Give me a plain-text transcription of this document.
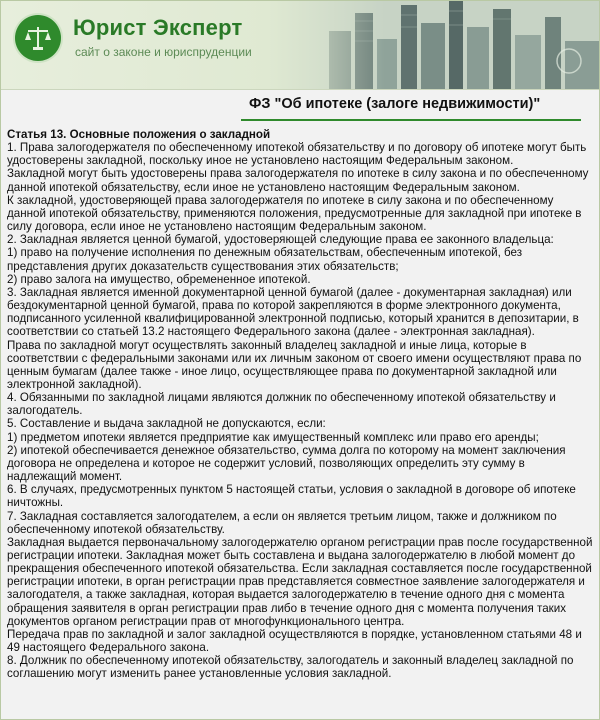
Юрист Эксперт
сайт о законе и юриспруденции
ФЗ "Об ипотеке (залоге недвижимости)"

Статья 13. Основные положения о закладной

1. Права залогодержателя по обеспеченному ипотекой обязательству и по договору об ипотеке могут быть удостоверены закладной, поскольку иное не установлено настоящим Федеральным законом.

Закладной могут быть удостоверены права залогодержателя по ипотеке в силу закона и по обеспеченному данной ипотекой обязательству, если иное не установлено настоящим Федеральным законом.

К закладной, удостоверяющей права залогодержателя по ипотеке в силу закона и по обеспеченному данной ипотекой обязательству, применяются положения, предусмотренные для закладной при ипотеке в силу договора, если иное не установлено настоящим Федеральным законом.

2. Закладная является ценной бумагой, удостоверяющей следующие права ее законного владельца:

1) право на получение исполнения по денежным обязательствам, обеспеченным ипотекой, без представления других доказательств существования этих обязательств;

2) право залога на имущество, обремененное ипотекой.

3. Закладная является именной документарной ценной бумагой (далее - документарная закладная) или бездокументарной ценной бумагой, права по которой закрепляются в форме электронного документа, подписанного усиленной квалифицированной электронной подписью, который хранится в депозитарии, в соответствии со статьей 13.2 настоящего Федерального закона (далее - электронная закладная).

Права по закладной могут осуществлять законный владелец закладной и иные лица, которые в соответствии с федеральными законами или их личным законом от своего имени осуществляют права по ценным бумагам (далее также - иное лицо, осуществляющее права по документарной закладной или электронной закладной).

4. Обязанными по закладной лицами являются должник по обеспеченному ипотекой обязательству и залогодатель.

5. Составление и выдача закладной не допускаются, если:

1) предметом ипотеки является предприятие как имущественный комплекс или право его аренды;

2) ипотекой обеспечивается денежное обязательство, сумма долга по которому на момент заключения договора не определена и которое не содержит условий, позволяющих определить эту сумму в надлежащий момент.

6. В случаях, предусмотренных пунктом 5 настоящей статьи, условия о закладной в договоре об ипотеке ничтожны.

7. Закладная составляется залогодателем, а если он является третьим лицом, также и должником по обеспеченному ипотекой обязательству.

Закладная выдается первоначальному залогодержателю органом регистрации прав после государственной регистрации ипотеки. Закладная может быть составлена и выдана залогодержателю в любой момент до прекращения обеспеченного ипотекой обязательства. Если закладная составляется после государственной регистрации ипотеки, в орган регистрации прав представляется совместное заявление залогодержателя и залогодателя, а также закладная, которая выдается залогодержателю в течение одного дня с момента обращения заявителя в орган регистрации прав либо в течение одного дня с момента получения таких документов органом регистрации прав от многофункционального центра.

Передача прав по закладной и залог закладной осуществляются в порядке, установленном статьями 48 и 49 настоящего Федерального закона.

8. Должник по обеспеченному ипотекой обязательству, залогодатель и законный владелец закладной по соглашению могут изменить ранее установленные условия закладной.
